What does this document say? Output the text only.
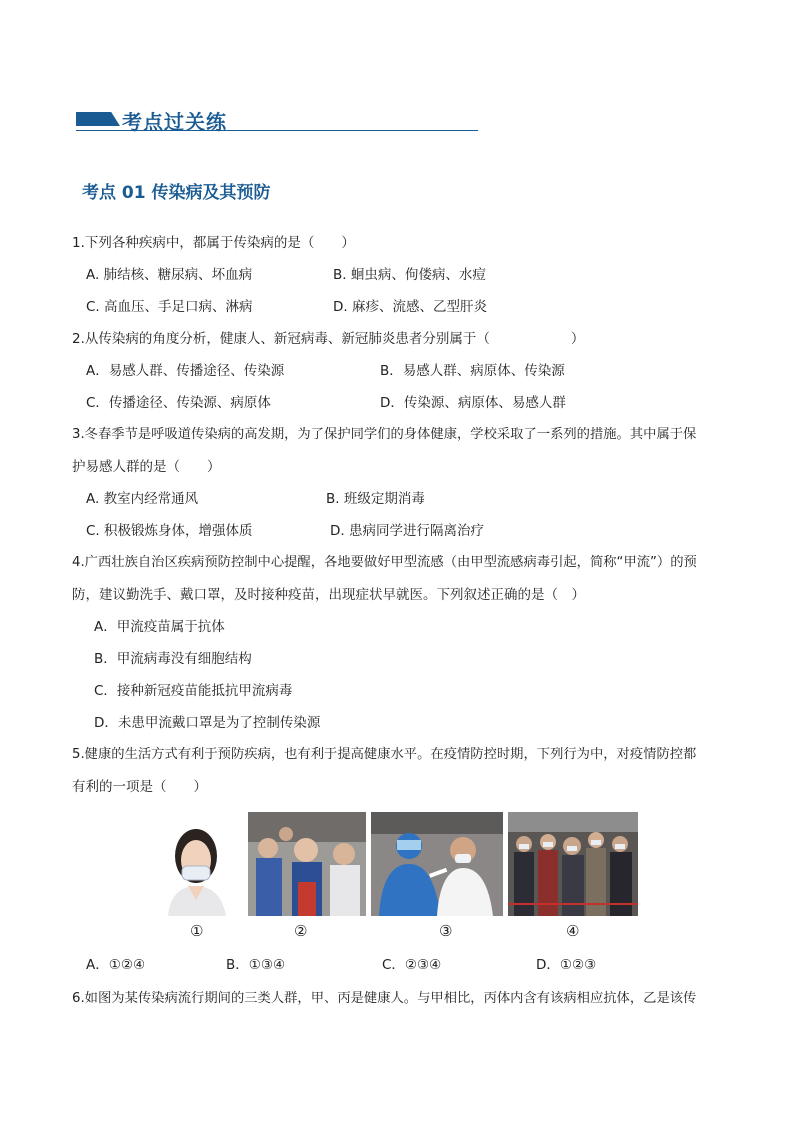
考点过关练
考点 01 传染病及其预防
1.下列各种疾病中，都属于传染病的是（　　）
A. 肺结核、糖尿病、坏血病	B. 蛔虫病、佝偻病、水痘
C. 高血压、手足口病、淋病	D. 麻疹、流感、乙型肝炎
2.从传染病的角度分析，健康人、新冠病毒、新冠肺炎患者分别属于（　　　　　　）
A．易感人群、传播途径、传染源	B．易感人群、病原体、传染源
C．传播途径、传染源、病原体	D．传染源、病原体、易感人群
3.冬春季节是呼吸道传染病的高发期，为了保护同学们的身体健康，学校采取了一系列的措施。其中属于保
护易感人群的是（　　）
A. 教室内经常通风	B. 班级定期消毒
C. 积极锻炼身体，增强体质	D. 患病同学进行隔离治疗
4.广西壮族自治区疾病预防控制中心提醒，各地要做好甲型流感（由甲型流感病毒引起，简称“甲流”）的预
防，建议勤洗手、戴口罩，及时接种疫苗，出现症状早就医。下列叙述正确的是（　）
A．甲流疫苗属于抗体
B．甲流病毒没有细胞结构
C．接种新冠疫苗能抵抗甲流病毒
D．未患甲流戴口罩是为了控制传染源
5.健康的生活方式有利于预防疾病，也有利于提高健康水平。在疫情防控时期，下列行为中，对疫情防控都
有利的一项是（　　）
①	②	③	④
A．①②④	B．①③④	C．②③④	D．①②③
6.如图为某传染病流行期间的三类人群，甲、丙是健康人。与甲相比，丙体内含有该病相应抗体，乙是该传
